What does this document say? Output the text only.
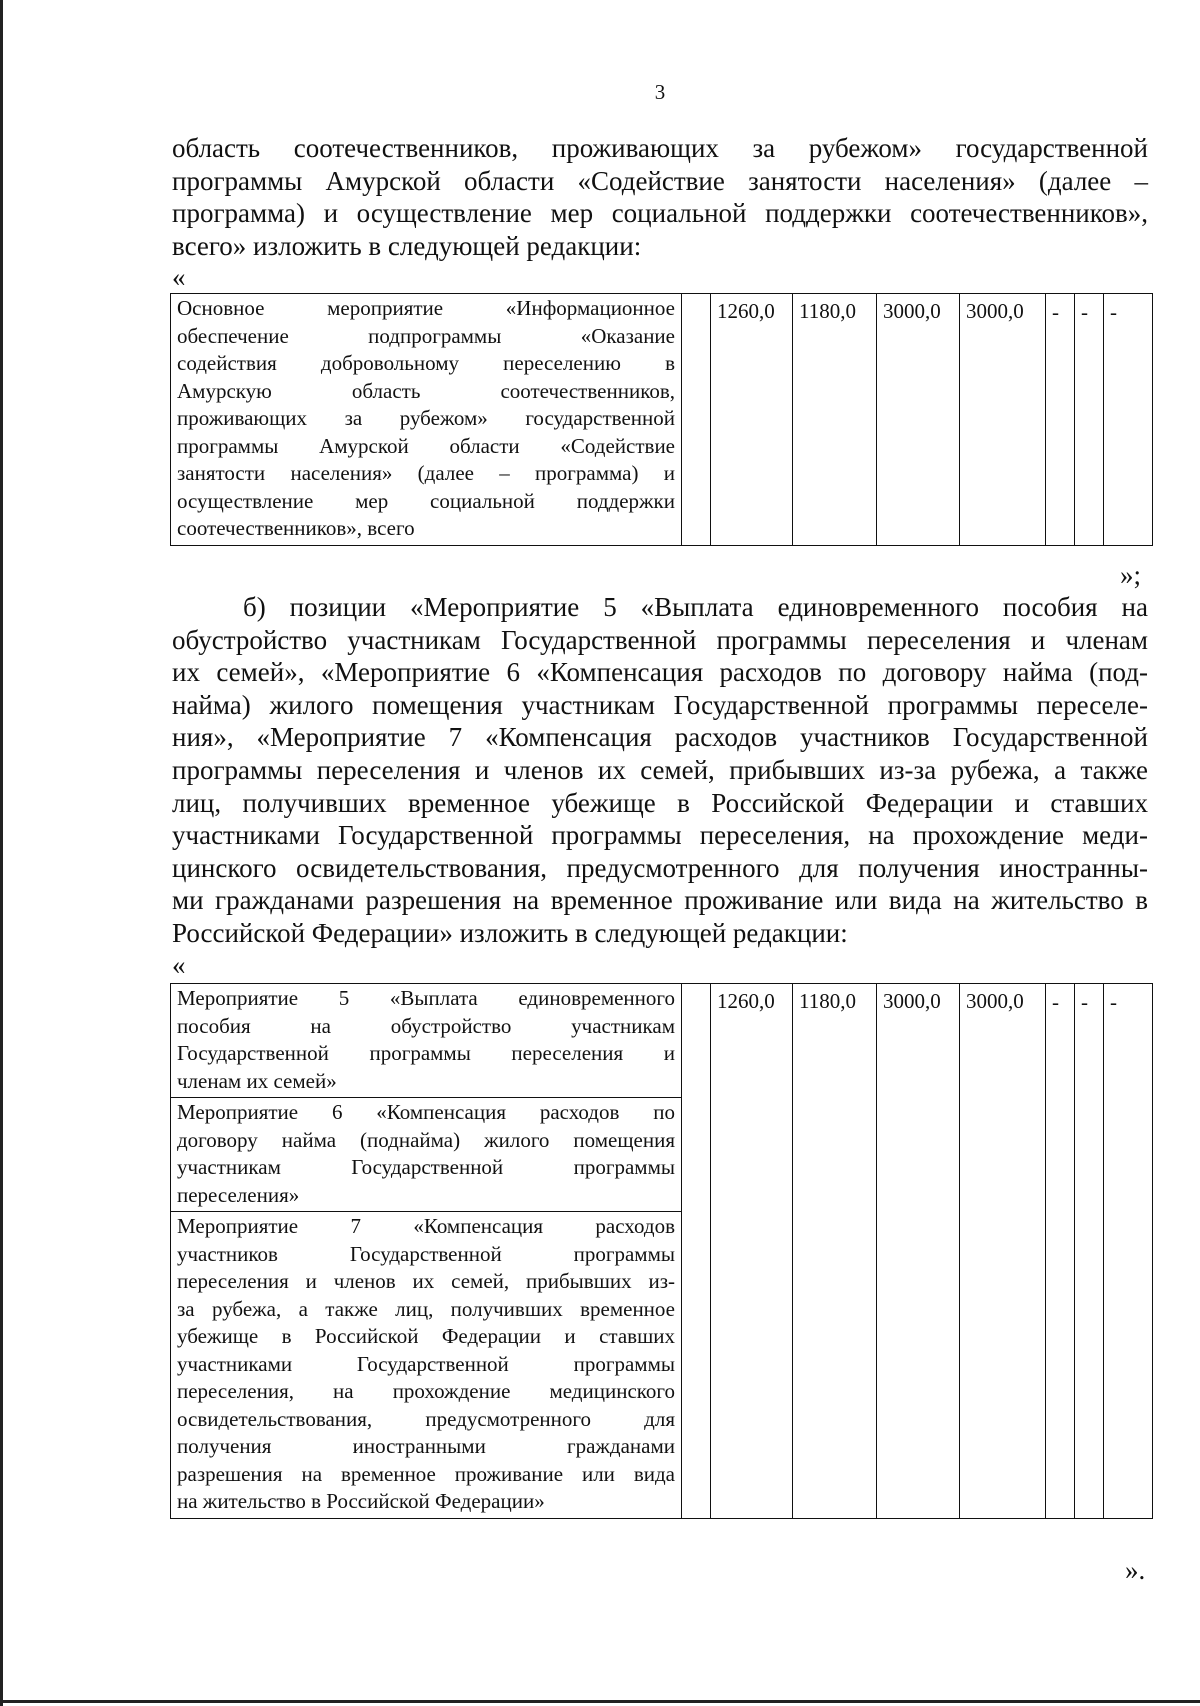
3
область соотечественников, проживающих за рубежом» государственной
программы Амурской области «Содействие занятости населения» (далее –
программа) и осуществление мер социальной поддержки соотечественников»,
всего» изложить в следующей редакции:
«
Основное мероприятие «Информационное
обеспечение подпрограммы «Оказание
содействия добровольному переселению в
Амурскую область соотечественников,
проживающих за рубежом» государственной
программы Амурской области «Содействие
занятости населения» (далее – программа) и
осуществление мер социальной поддержки
соотечественников», всего
		1260,0	1180,0	3000,0	3000,0	-	-	-
»;
б) позиции «Мероприятие 5 «Выплата единовременного пособия на
обустройство участникам Государственной программы переселения и членам
их семей», «Мероприятие 6 «Компенсация расходов по договору найма (под-
найма) жилого помещения участникам Государственной программы переселе-
ния», «Мероприятие 7 «Компенсация расходов участников Государственной
программы переселения и членов их семей, прибывших из-за рубежа, а также
лиц, получивших временное убежище в Российской Федерации и ставших
участниками Государственной программы переселения, на прохождение меди-
цинского освидетельствования, предусмотренного для получения иностранны-
ми гражданами разрешения на временное проживание или вида на жительство в
Российской Федерации» изложить в следующей редакции:
«
Мероприятие 5 «Выплата единовременного
пособия на обустройство участникам
Государственной программы переселения и
членам их семей»
		1260,0	1180,0	3000,0	3000,0	-	-	-

Мероприятие 6 «Компенсация расходов по
договору найма (поднайма) жилого помещения
участникам Государственной программы
переселения»

Мероприятие 7 «Компенсация расходов
участников Государственной программы
переселения и членов их семей, прибывших из-
за рубежа, а также лиц, получивших временное
убежище в Российской Федерации и ставших
участниками Государственной программы
переселения, на прохождение медицинского
освидетельствования, предусмотренного для
получения иностранными гражданами
разрешения на временное проживание или вида
на жительство в Российской Федерации»
».
